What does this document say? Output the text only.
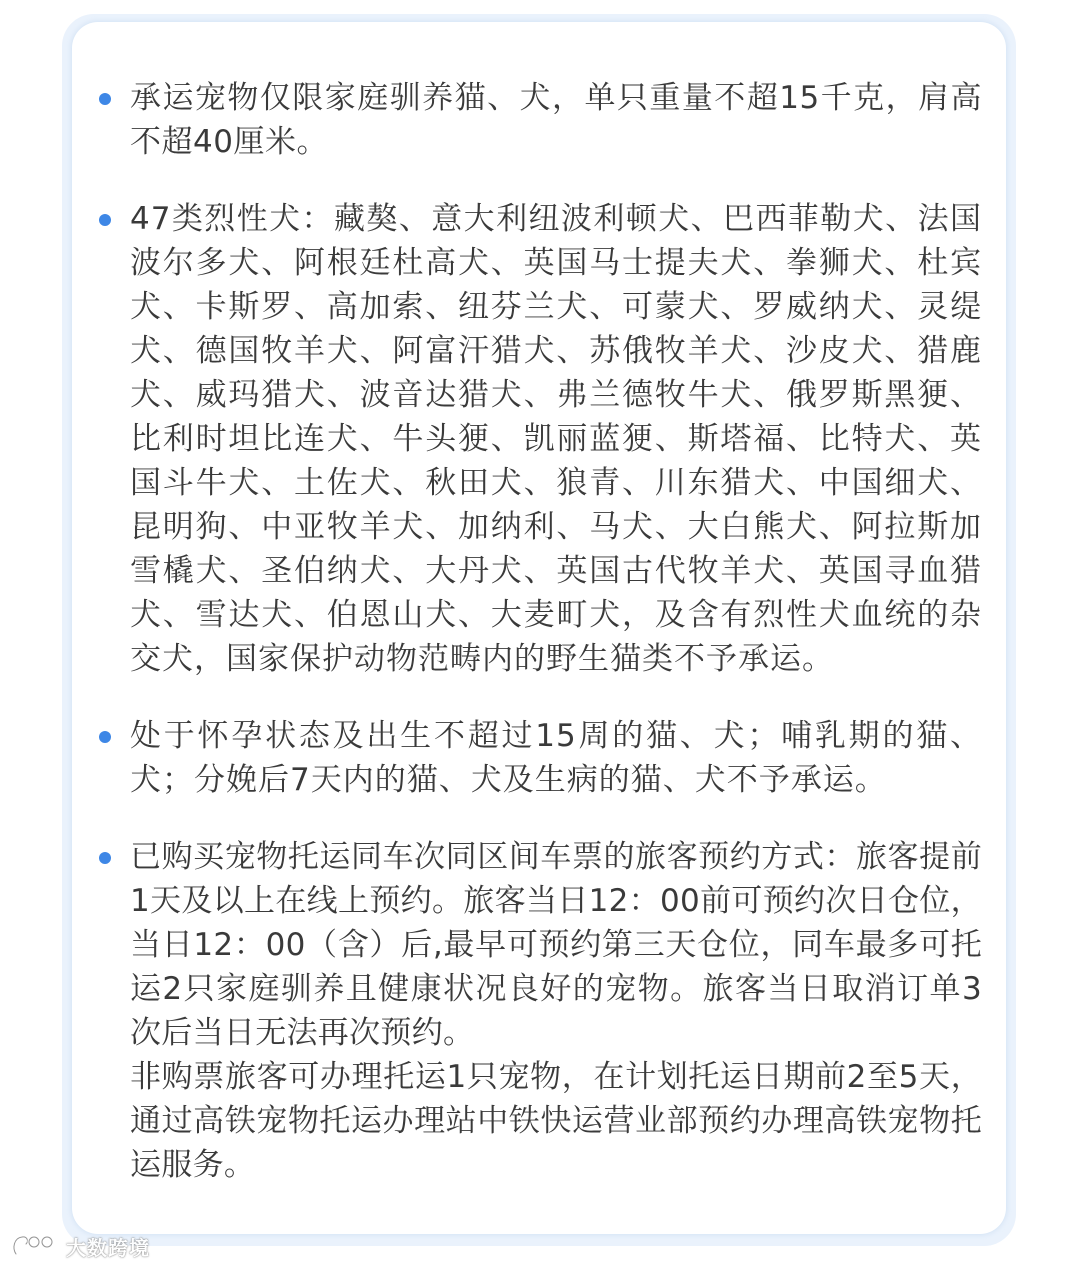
承运宠物仅限家庭驯养猫、犬，单只重量不超15千克，肩高不超40厘米。

47类烈性犬：藏獒、意大利纽波利顿犬、巴西菲勒犬、法国波尔多犬、阿根廷杜高犬、英国马士提夫犬、拳狮犬、杜宾犬、卡斯罗、高加索、纽芬兰犬、可蒙犬、罗威纳犬、灵缇犬、德国牧羊犬、阿富汗猎犬、苏俄牧羊犬、沙皮犬、猎鹿犬、威玛猎犬、波音达猎犬、弗兰德牧牛犬、俄罗斯黑㹴、比利时坦比连犬、牛头㹴、凯丽蓝㹴、斯塔福、比特犬、英国斗牛犬、土佐犬、秋田犬、狼青、川东猎犬、中国细犬、昆明狗、中亚牧羊犬、加纳利、马犬、大白熊犬、阿拉斯加雪橇犬、圣伯纳犬、大丹犬、英国古代牧羊犬、英国寻血猎犬、雪达犬、伯恩山犬、大麦町犬，及含有烈性犬血统的杂交犬，国家保护动物范畴内的野生猫类不予承运。

处于怀孕状态及出生不超过15周的猫、犬；哺乳期的猫、犬；分娩后7天内的猫、犬及生病的猫、犬不予承运。

已购买宠物托运同车次同区间车票的旅客预约方式：旅客提前1天及以上在线上预约。旅客当日12：00前可预约次日仓位，当日12：00（含）后,最早可预约第三天仓位，同车最多可托运2只家庭驯养且健康状况良好的宠物。旅客当日取消订单3次后当日无法再次预约。

非购票旅客可办理托运1只宠物，在计划托运日期前2至5天，通过高铁宠物托运办理站中铁快运营业部预约办理高铁宠物托运服务。

大数跨境
